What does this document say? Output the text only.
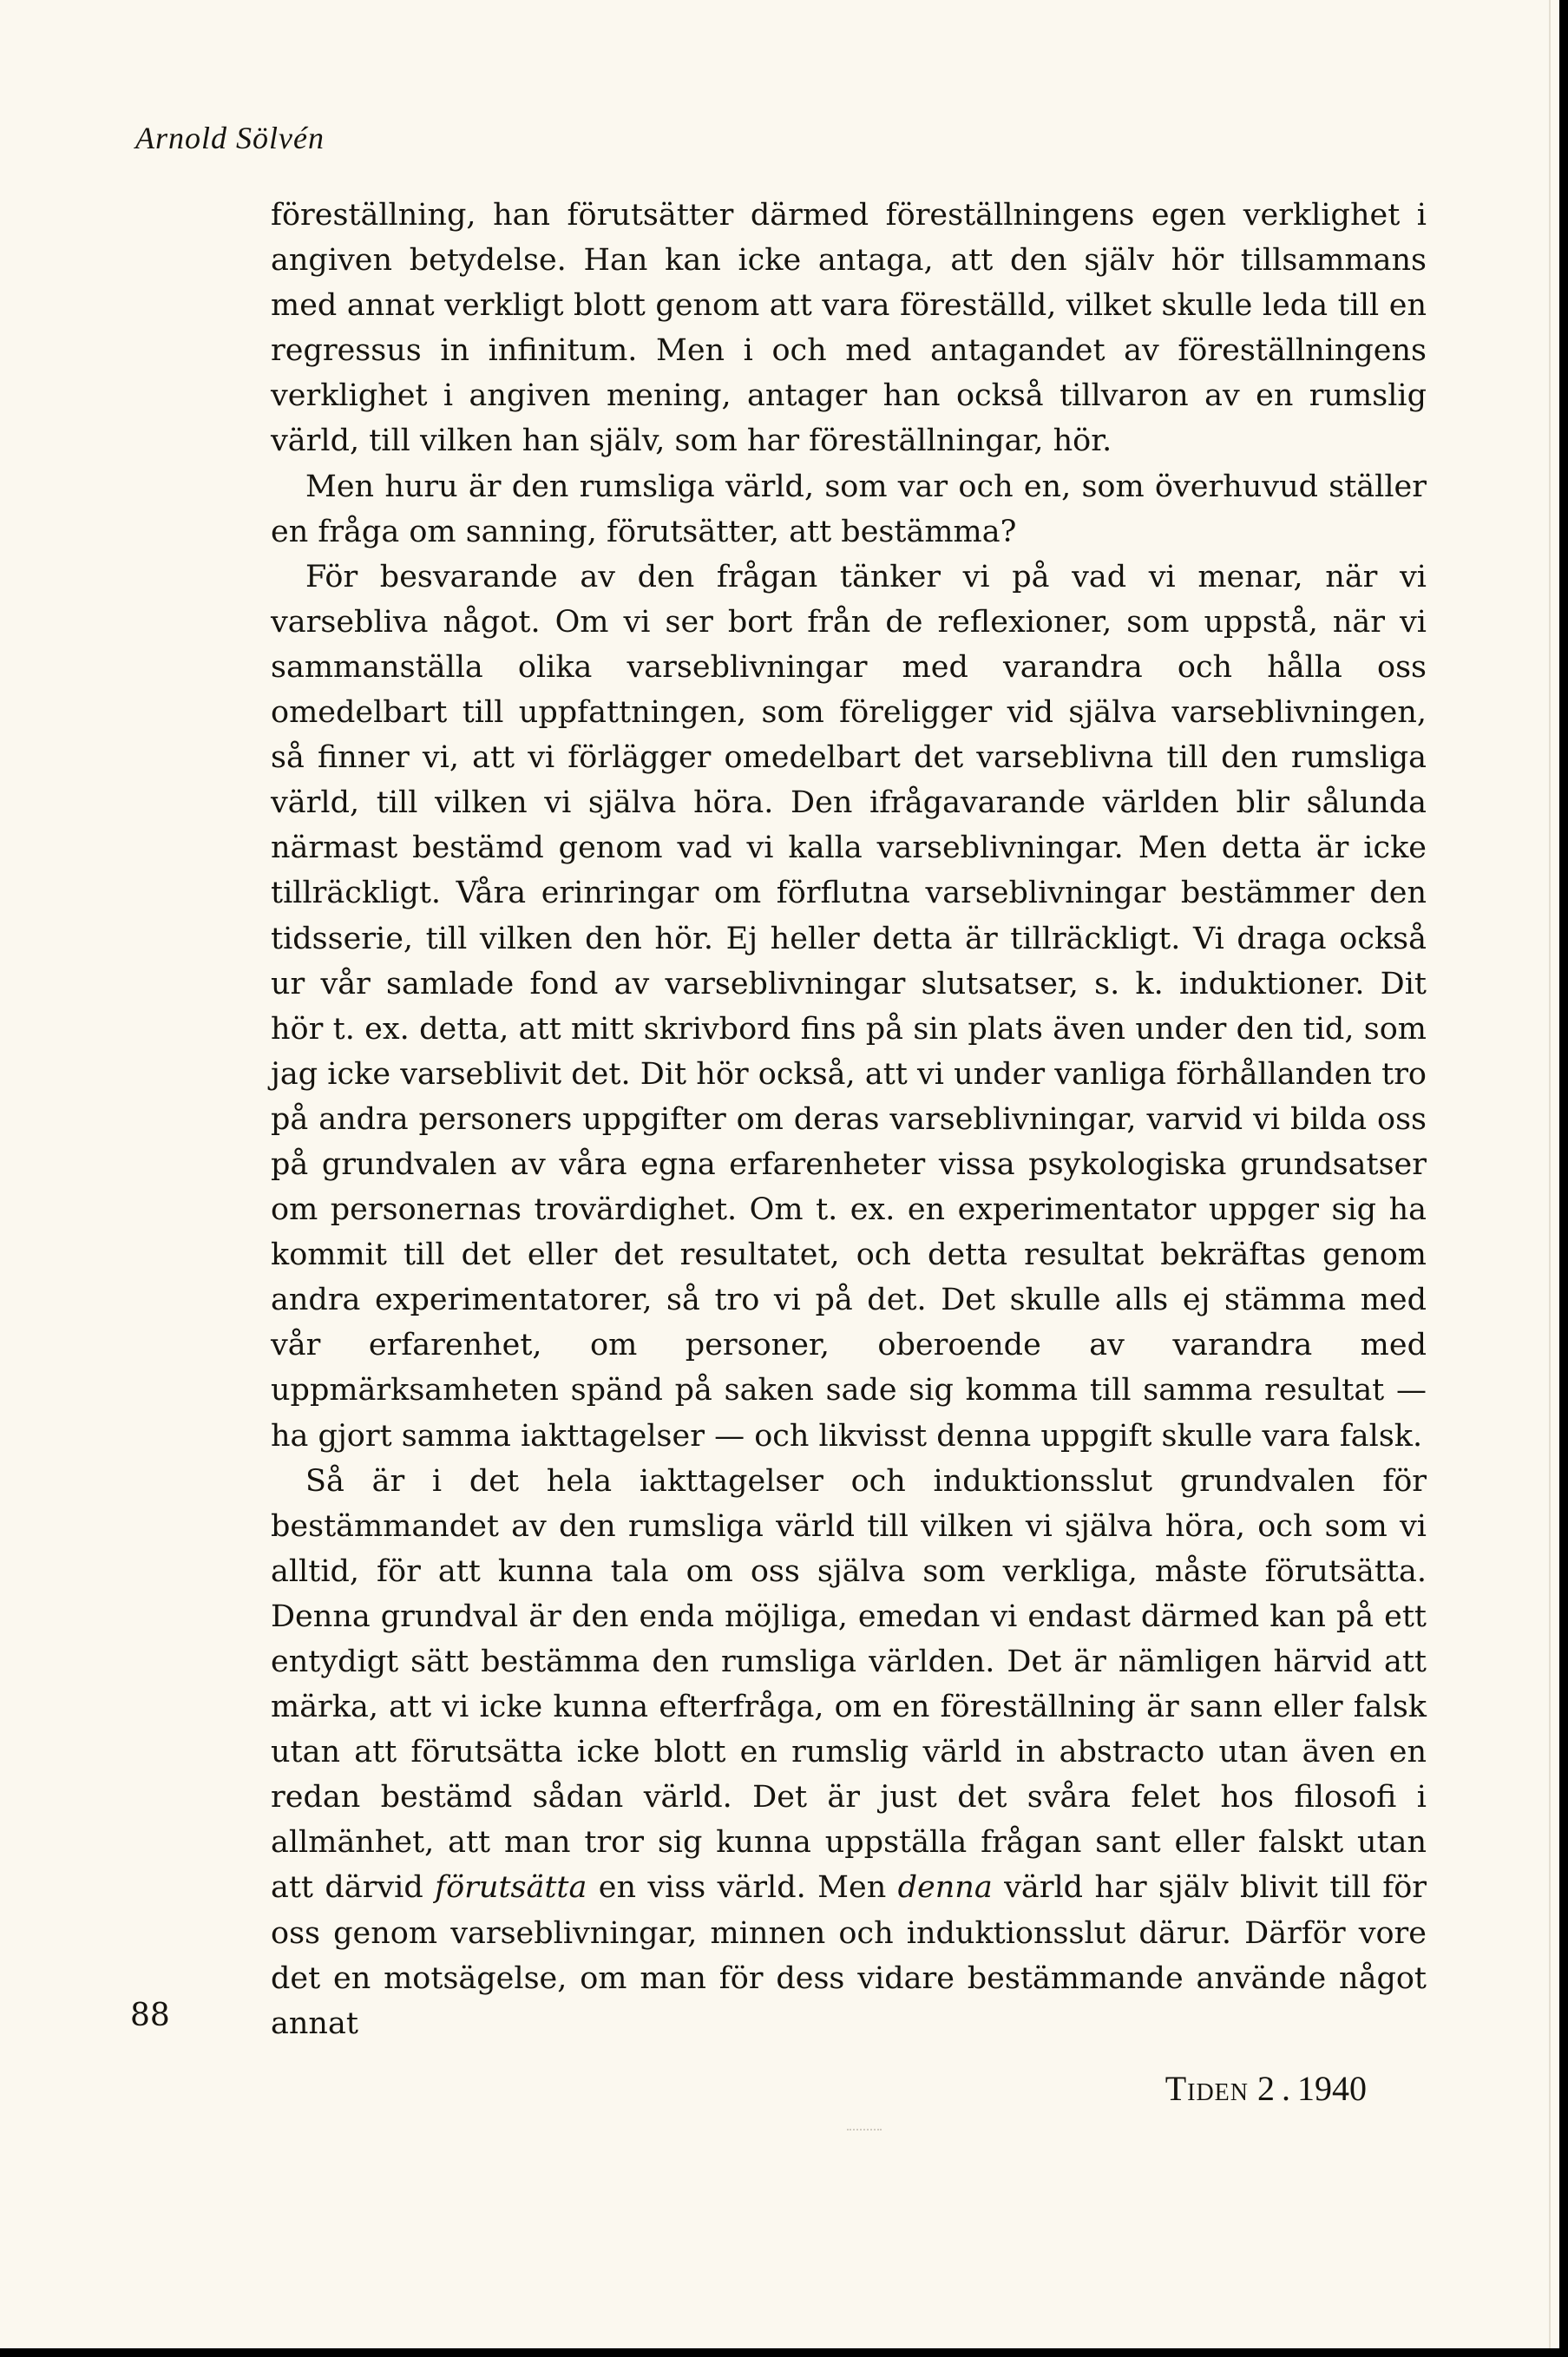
Arnold Sölvén

föreställning, han förutsätter därmed föreställningens egen verklighet i angiven betydelse. Han kan icke antaga, att den själv hör tillsammans med annat verkligt blott genom att vara föreställd, vilket skulle leda till en regressus in infinitum. Men i och med antagandet av föreställningens verklighet i angiven mening, antager han också tillvaron av en rumslig värld, till vilken han själv, som har föreställningar, hör.

Men huru är den rumsliga värld, som var och en, som överhuvud ställer en fråga om sanning, förutsätter, att bestämma?

För besvarande av den frågan tänker vi på vad vi menar, när vi varsebliva något. Om vi ser bort från de reflexioner, som uppstå, när vi sammanställa olika varseblivningar med varandra och hålla oss omedelbart till uppfattningen, som föreligger vid själva varseblivningen, så finner vi, att vi förlägger omedelbart det varseblivna till den rumsliga värld, till vilken vi själva höra. Den ifrågavarande världen blir sålunda närmast bestämd genom vad vi kalla varseblivningar. Men detta är icke tillräckligt. Våra erinringar om förflutna varseblivningar bestämmer den tidsserie, till vilken den hör. Ej heller detta är tillräckligt. Vi draga också ur vår samlade fond av varseblivningar slutsatser, s. k. induktioner. Dit hör t. ex. detta, att mitt skrivbord fins på sin plats även under den tid, som jag icke varseblivit det. Dit hör också, att vi under vanliga förhållanden tro på andra personers uppgifter om deras varseblivningar, varvid vi bilda oss på grundvalen av våra egna erfarenheter vissa psykologiska grundsatser om personernas trovärdighet. Om t. ex. en experimentator uppger sig ha kommit till det eller det resultatet, och detta resultat bekräftas genom andra experimentatorer, så tro vi på det. Det skulle alls ej stämma med vår erfarenhet, om personer, oberoende av varandra med uppmärksamheten spänd på saken sade sig komma till samma resultat — ha gjort samma iakttagelser — och likvisst denna uppgift skulle vara falsk.

Så är i det hela iakttagelser och induktionsslut grundvalen för bestämmandet av den rumsliga värld till vilken vi själva höra, och som vi alltid, för att kunna tala om oss själva som verkliga, måste förutsätta. Denna grundval är den enda möjliga, emedan vi endast därmed kan på ett entydigt sätt bestämma den rumsliga världen. Det är nämligen härvid att märka, att vi icke kunna efterfråga, om en föreställning är sann eller falsk utan att förutsätta icke blott en rumslig värld in abstracto utan även en redan bestämd sådan värld. Det är just det svåra felet hos filosofi i allmänhet, att man tror sig kunna uppställa frågan sant eller falskt utan att därvid förutsätta en viss värld. Men denna värld har själv blivit till för oss genom varseblivningar, minnen och induktionsslut därur. Därför vore det en motsägelse, om man för dess vidare bestämmande använde något annat

88

Tiden 2 . 1940
